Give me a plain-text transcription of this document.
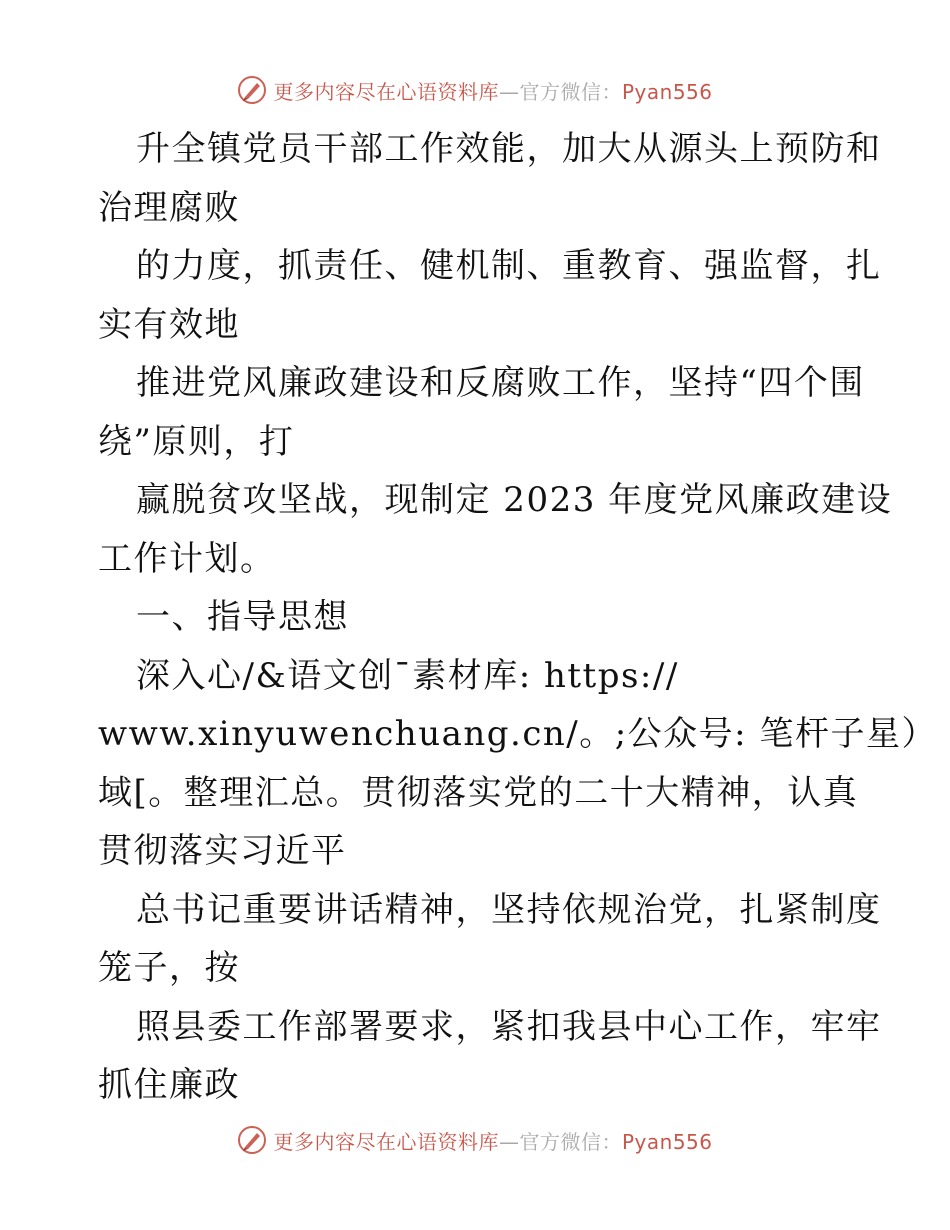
更多内容尽在心语资料库—官方微信：Pyan556
升全镇党员干部工作效能，加大从源头上预防和
治理腐败
的力度，抓责任、健机制、重教育、强监督，扎
实有效地
推进党风廉政建设和反腐败工作，坚持“四个围
绕”原则，打
赢脱贫攻坚战，现制定 2023 年度党风廉政建设
工作计划。
一、指导思想
深入心/&语文创¯素材库: https://
www.xinyuwenchuang.cn/。;公众号: 笔杆子星）
域[。整理汇总。贯彻落实党的二十大精神，认真
贯彻落实习近平
总书记重要讲话精神，坚持依规治党，扎紧制度
笼子，按
照县委工作部署要求，紧扣我县中心工作，牢牢
抓住廉政
更多内容尽在心语资料库—官方微信：Pyan556
